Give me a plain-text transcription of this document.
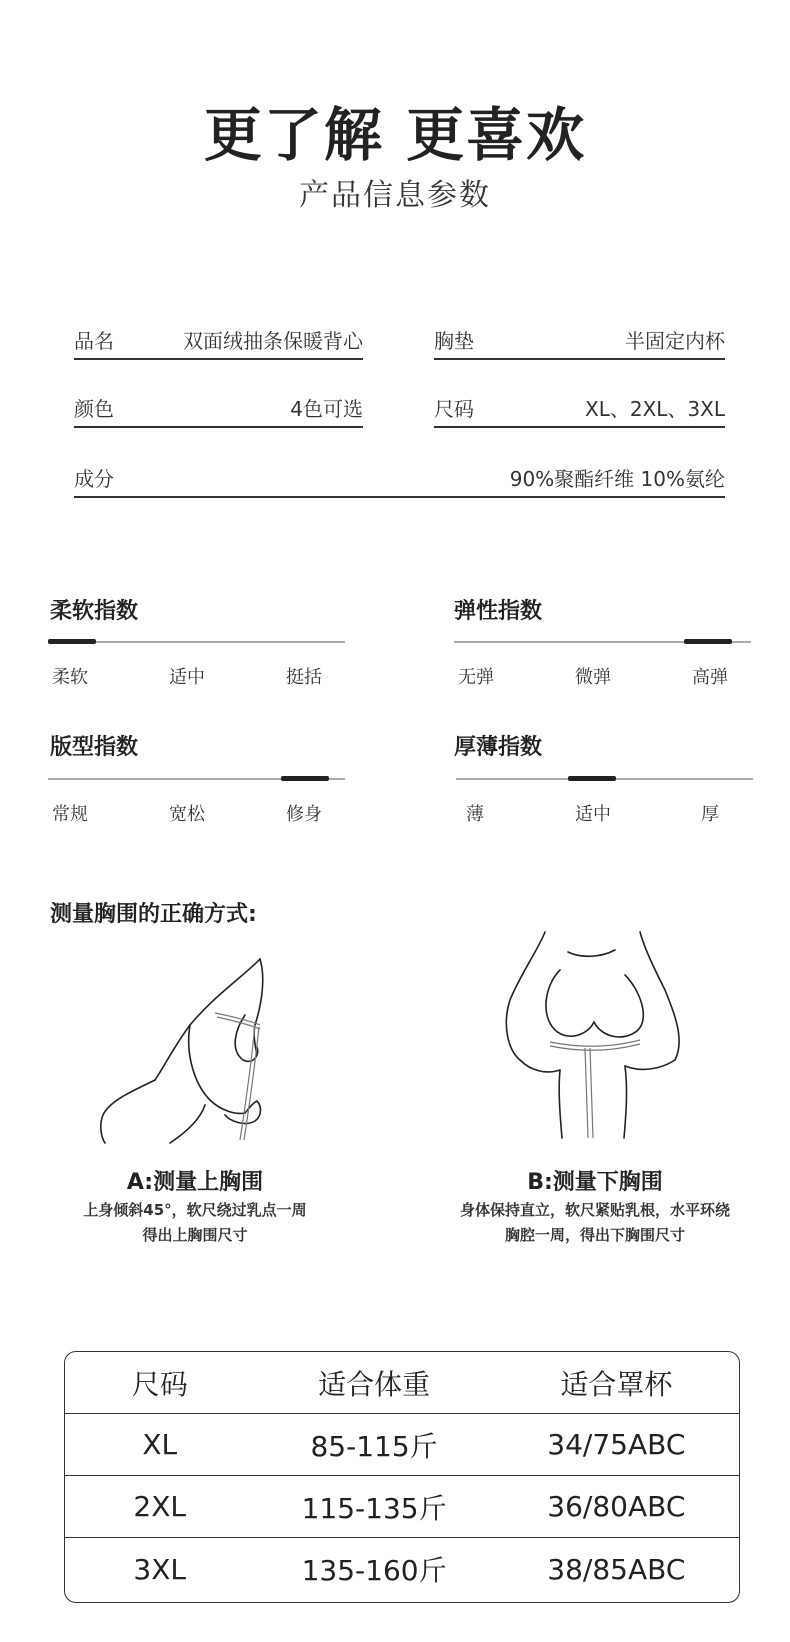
更了解 更喜欢
产品信息参数
品名	双面绒抽条保暖背心	胸垫	半固定内杯
颜色	4色可选	尺码	XL、2XL、3XL
成分	90%聚酯纤维 10%氨纶
柔软指数
柔软	适中	挺括
弹性指数
无弹	微弹	高弹
版型指数
常规	宽松	修身
厚薄指数
薄	适中	厚
测量胸围的正确方式:
A:测量上胸围
上身倾斜45°，软尺绕过乳点一周
得出上胸围尺寸
B:测量下胸围
身体保持直立，软尺紧贴乳根，水平环绕
胸腔一周，得出下胸围尺寸
尺码	适合体重	适合罩杯
XL	85-115斤	34/75ABC
2XL	115-135斤	36/80ABC
3XL	135-160斤	38/85ABC
